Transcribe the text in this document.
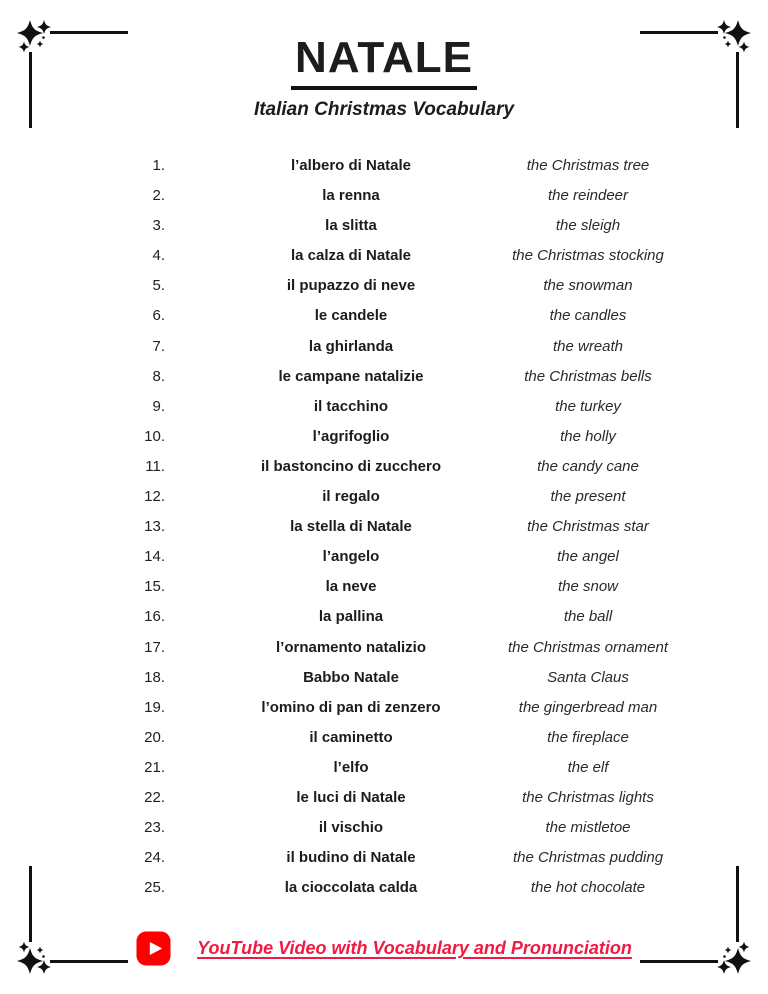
NATALE
Italian Christmas Vocabulary
1.	l’albero di Natale	the Christmas tree
2.	la renna	the reindeer
3.	la slitta	the sleigh
4.	la calza di Natale	the Christmas stocking
5.	il pupazzo di neve	the snowman
6.	le candele	the candles
7.	la ghirlanda	the wreath
8.	le campane natalizie	the Christmas bells
9.	il tacchino	the turkey
10.	l’agrifoglio	the holly
11.	il bastoncino di zucchero	the candy cane
12.	il regalo	the present
13.	la stella di Natale	the Christmas star
14.	l’angelo	the angel
15.	la neve	the snow
16.	la pallina	the ball
17.	l’ornamento natalizio	the Christmas ornament
18.	Babbo Natale	Santa Claus
19.	l’omino di pan di zenzero	the gingerbread man
20.	il caminetto	the fireplace
21.	l’elfo	the elf
22.	le luci di Natale	the Christmas lights
23.	il vischio	the mistletoe
24.	il budino di Natale	the Christmas pudding
25.	la cioccolata calda	the hot chocolate
YouTube Video with Vocabulary and Pronunciation
